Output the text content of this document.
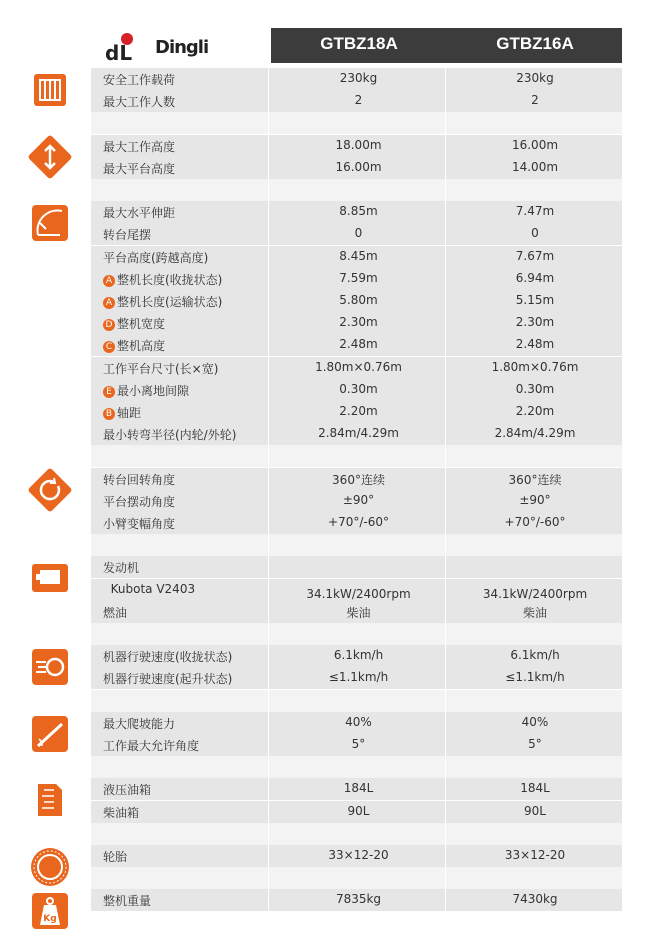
dL Dingli	GTBZ18A	GTBZ16A
安全工作载荷	230kg	230kg
最大工作人数	2	2
最大工作高度	18.00m	16.00m
最大平台高度	16.00m	14.00m
最大水平伸距	8.85m	7.47m
转台尾摆	0	0
平台高度(跨越高度)	8.45m	7.67m
A 整机长度(收拢状态)	7.59m	6.94m
A 整机长度(运输状态)	5.80m	5.15m
D 整机宽度	2.30m	2.30m
C 整机高度	2.48m	2.48m
工作平台尺寸(长×宽)	1.80m×0.76m	1.80m×0.76m
E 最小离地间隙	0.30m	0.30m
B 轴距	2.20m	2.20m
最小转弯半径(内轮/外轮)	2.84m/4.29m	2.84m/4.29m
转台回转角度	360°连续	360°连续
平台摆动角度	±90°	±90°
小臂变幅角度	+70°/-60°	+70°/-60°
发动机
Kubota V2403	34.1kW/2400rpm	34.1kW/2400rpm
燃油	柴油	柴油
机器行驶速度(收拢状态)	6.1km/h	6.1km/h
机器行驶速度(起升状态)	≤1.1km/h	≤1.1km/h
最大爬坡能力	40%	40%
工作最大允许角度	5°	5°
液压油箱	184L	184L
柴油箱	90L	90L
轮胎	33×12-20	33×12-20
整机重量	7835kg	7430kg
Kg
